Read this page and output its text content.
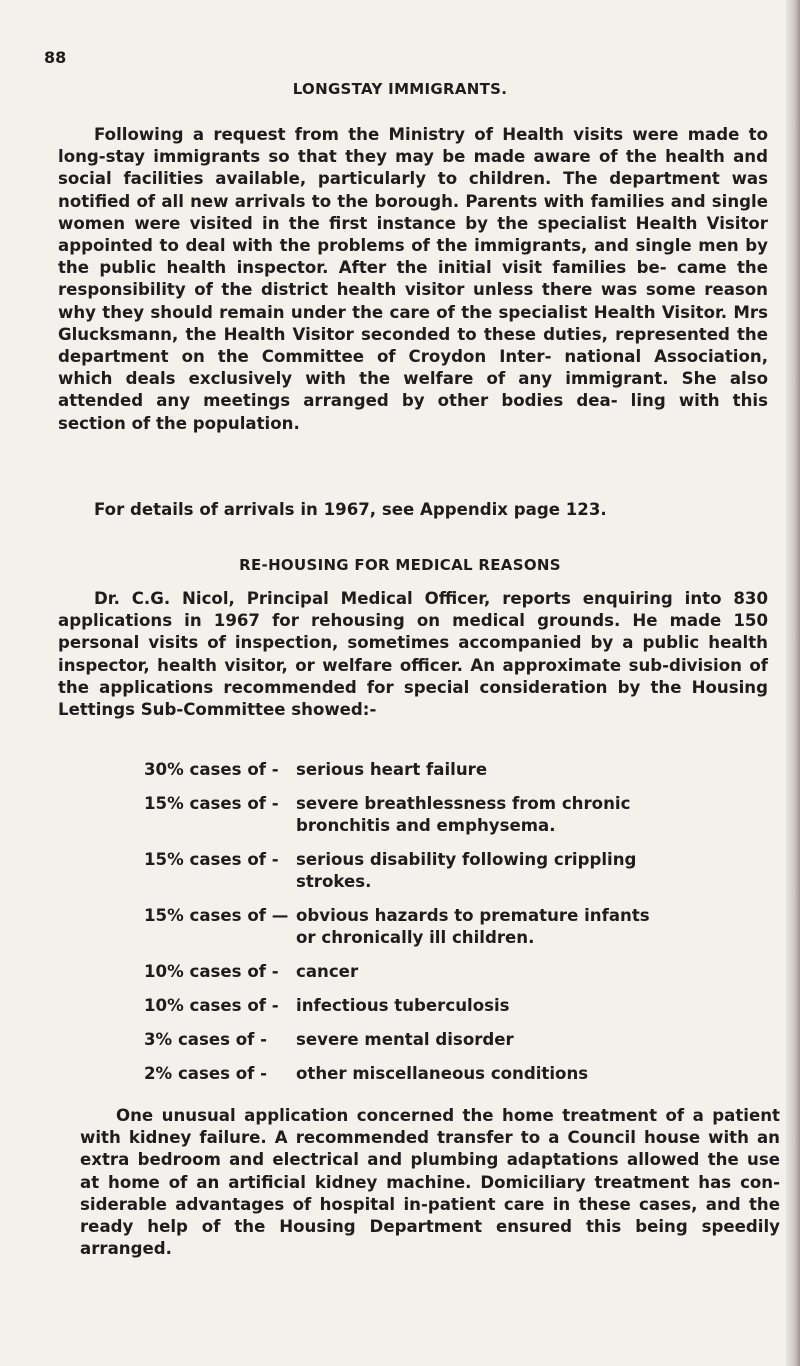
88
LONGSTAY IMMIGRANTS.
Following a request from the Ministry of Health visits were made to long-stay immigrants so that they may be made aware of the health and social facilities available, particularly to children. The department was notified of all new arrivals to the borough. Parents with families and single women were visited in the first instance by the specialist Health Visitor appointed to deal with the problems of the immigrants, and single men by the public health inspector. After the initial visit families be- came the responsibility of the district health visitor unless there was some reason why they should remain under the care of the specialist Health Visitor. Mrs Glucksmann, the Health Visitor seconded to these duties, represented the department on the Committee of Croydon Inter- national Association, which deals exclusively with the welfare of any immigrant. She also attended any meetings arranged by other bodies dea- ling with this section of the population.
For details of arrivals in 1967, see Appendix page 123.
RE-HOUSING FOR MEDICAL REASONS
Dr. C.G. Nicol, Principal Medical Officer, reports enquiring into 830 applications in 1967 for rehousing on medical grounds. He made 150 personal visits of inspection, sometimes accompanied by a public health inspector, health visitor, or welfare officer. An approximate sub-division of the applications recommended for special consideration by the Housing Lettings Sub-Committee showed:-
30% cases of -	serious heart failure
15% cases of -	severe breathlessness from chronic
bronchitis and emphysema.
15% cases of -	serious disability following crippling
strokes.
15% cases of — obvious hazards to premature infants
or chronically ill children.
10% cases of -	cancer
10% cases of -	infectious tuberculosis
3% cases of -	severe mental disorder
2% cases of -	other miscellaneous conditions
One unusual application concerned the home treatment of a patient with kidney failure. A recommended transfer to a Council house with an extra bedroom and electrical and plumbing adaptations allowed the use at home of an artificial kidney machine. Domiciliary treatment has con- siderable advantages of hospital in-patient care in these cases, and the ready help of the Housing Department ensured this being speedily arranged.
